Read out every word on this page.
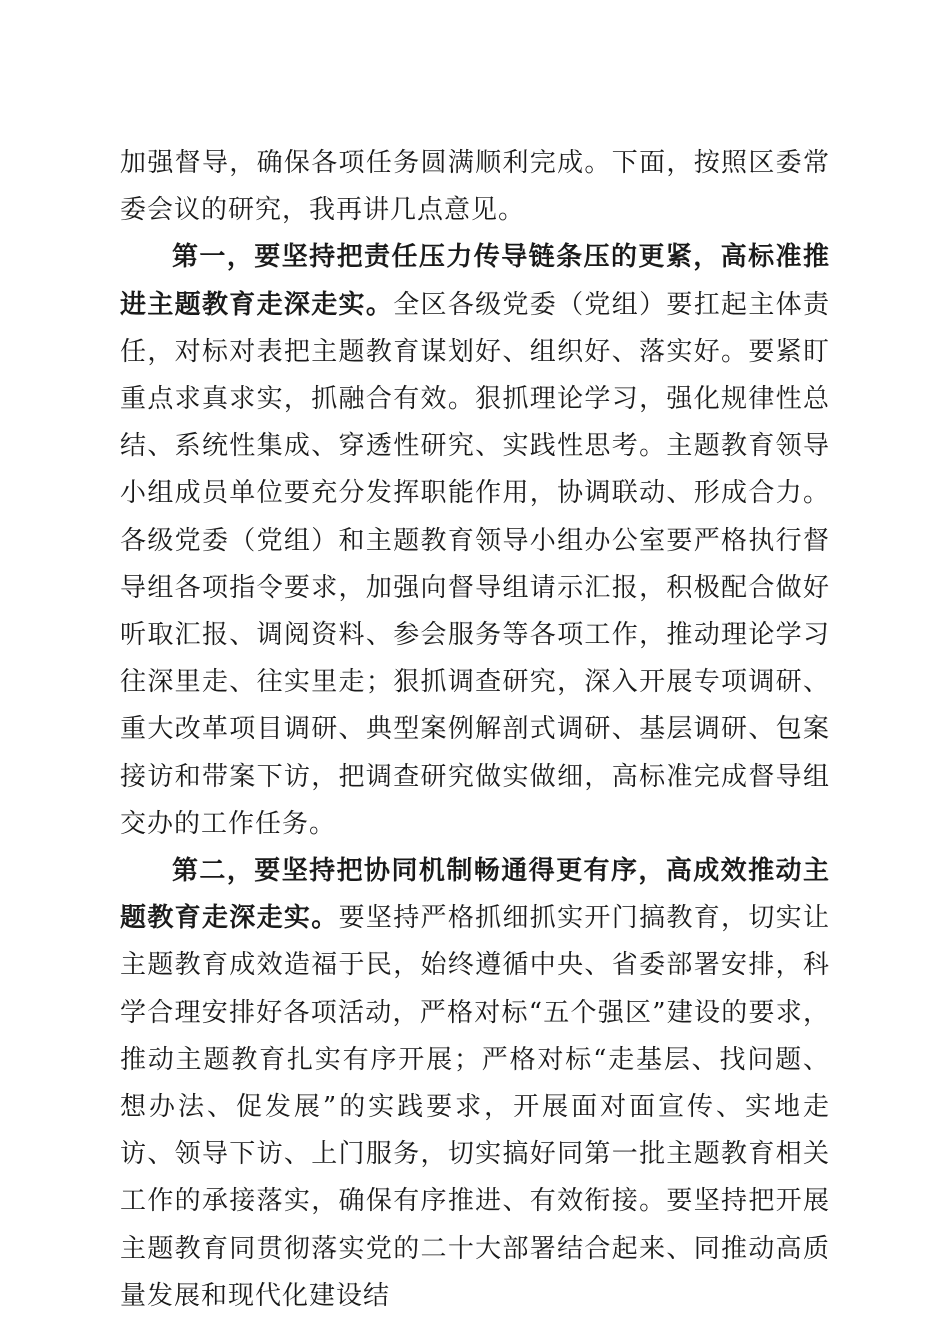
加强督导，确保各项任务圆满顺利完成。下面，按照区委常委会议的研究，我再讲几点意见。

第一，要坚持把责任压力传导链条压的更紧，高标准推进主题教育走深走实。全区各级党委（党组）要扛起主体责任，对标对表把主题教育谋划好、组织好、落实好。要紧盯重点求真求实，抓融合有效。狠抓理论学习，强化规律性总结、系统性集成、穿透性研究、实践性思考。主题教育领导小组成员单位要充分发挥职能作用，协调联动、形成合力。各级党委（党组）和主题教育领导小组办公室要严格执行督导组各项指令要求，加强向督导组请示汇报，积极配合做好听取汇报、调阅资料、参会服务等各项工作，推动理论学习往深里走、往实里走；狠抓调查研究，深入开展专项调研、重大改革项目调研、典型案例解剖式调研、基层调研、包案接访和带案下访，把调查研究做实做细，高标准完成督导组交办的工作任务。

第二，要坚持把协同机制畅通得更有序，高成效推动主题教育走深走实。要坚持严格抓细抓实开门搞教育，切实让主题教育成效造福于民，始终遵循中央、省委部署安排，科学合理安排好各项活动，严格对标“五个强区”建设的要求，推动主题教育扎实有序开展；严格对标“走基层、找问题、想办法、促发展”的实践要求，开展面对面宣传、实地走访、领导下访、上门服务，切实搞好同第一批主题教育相关工作的承接落实，确保有序推进、有效衔接。要坚持把开展主题教育同贯彻落实党的二十大部署结合起来、同推动高质量发展和现代化建设结
